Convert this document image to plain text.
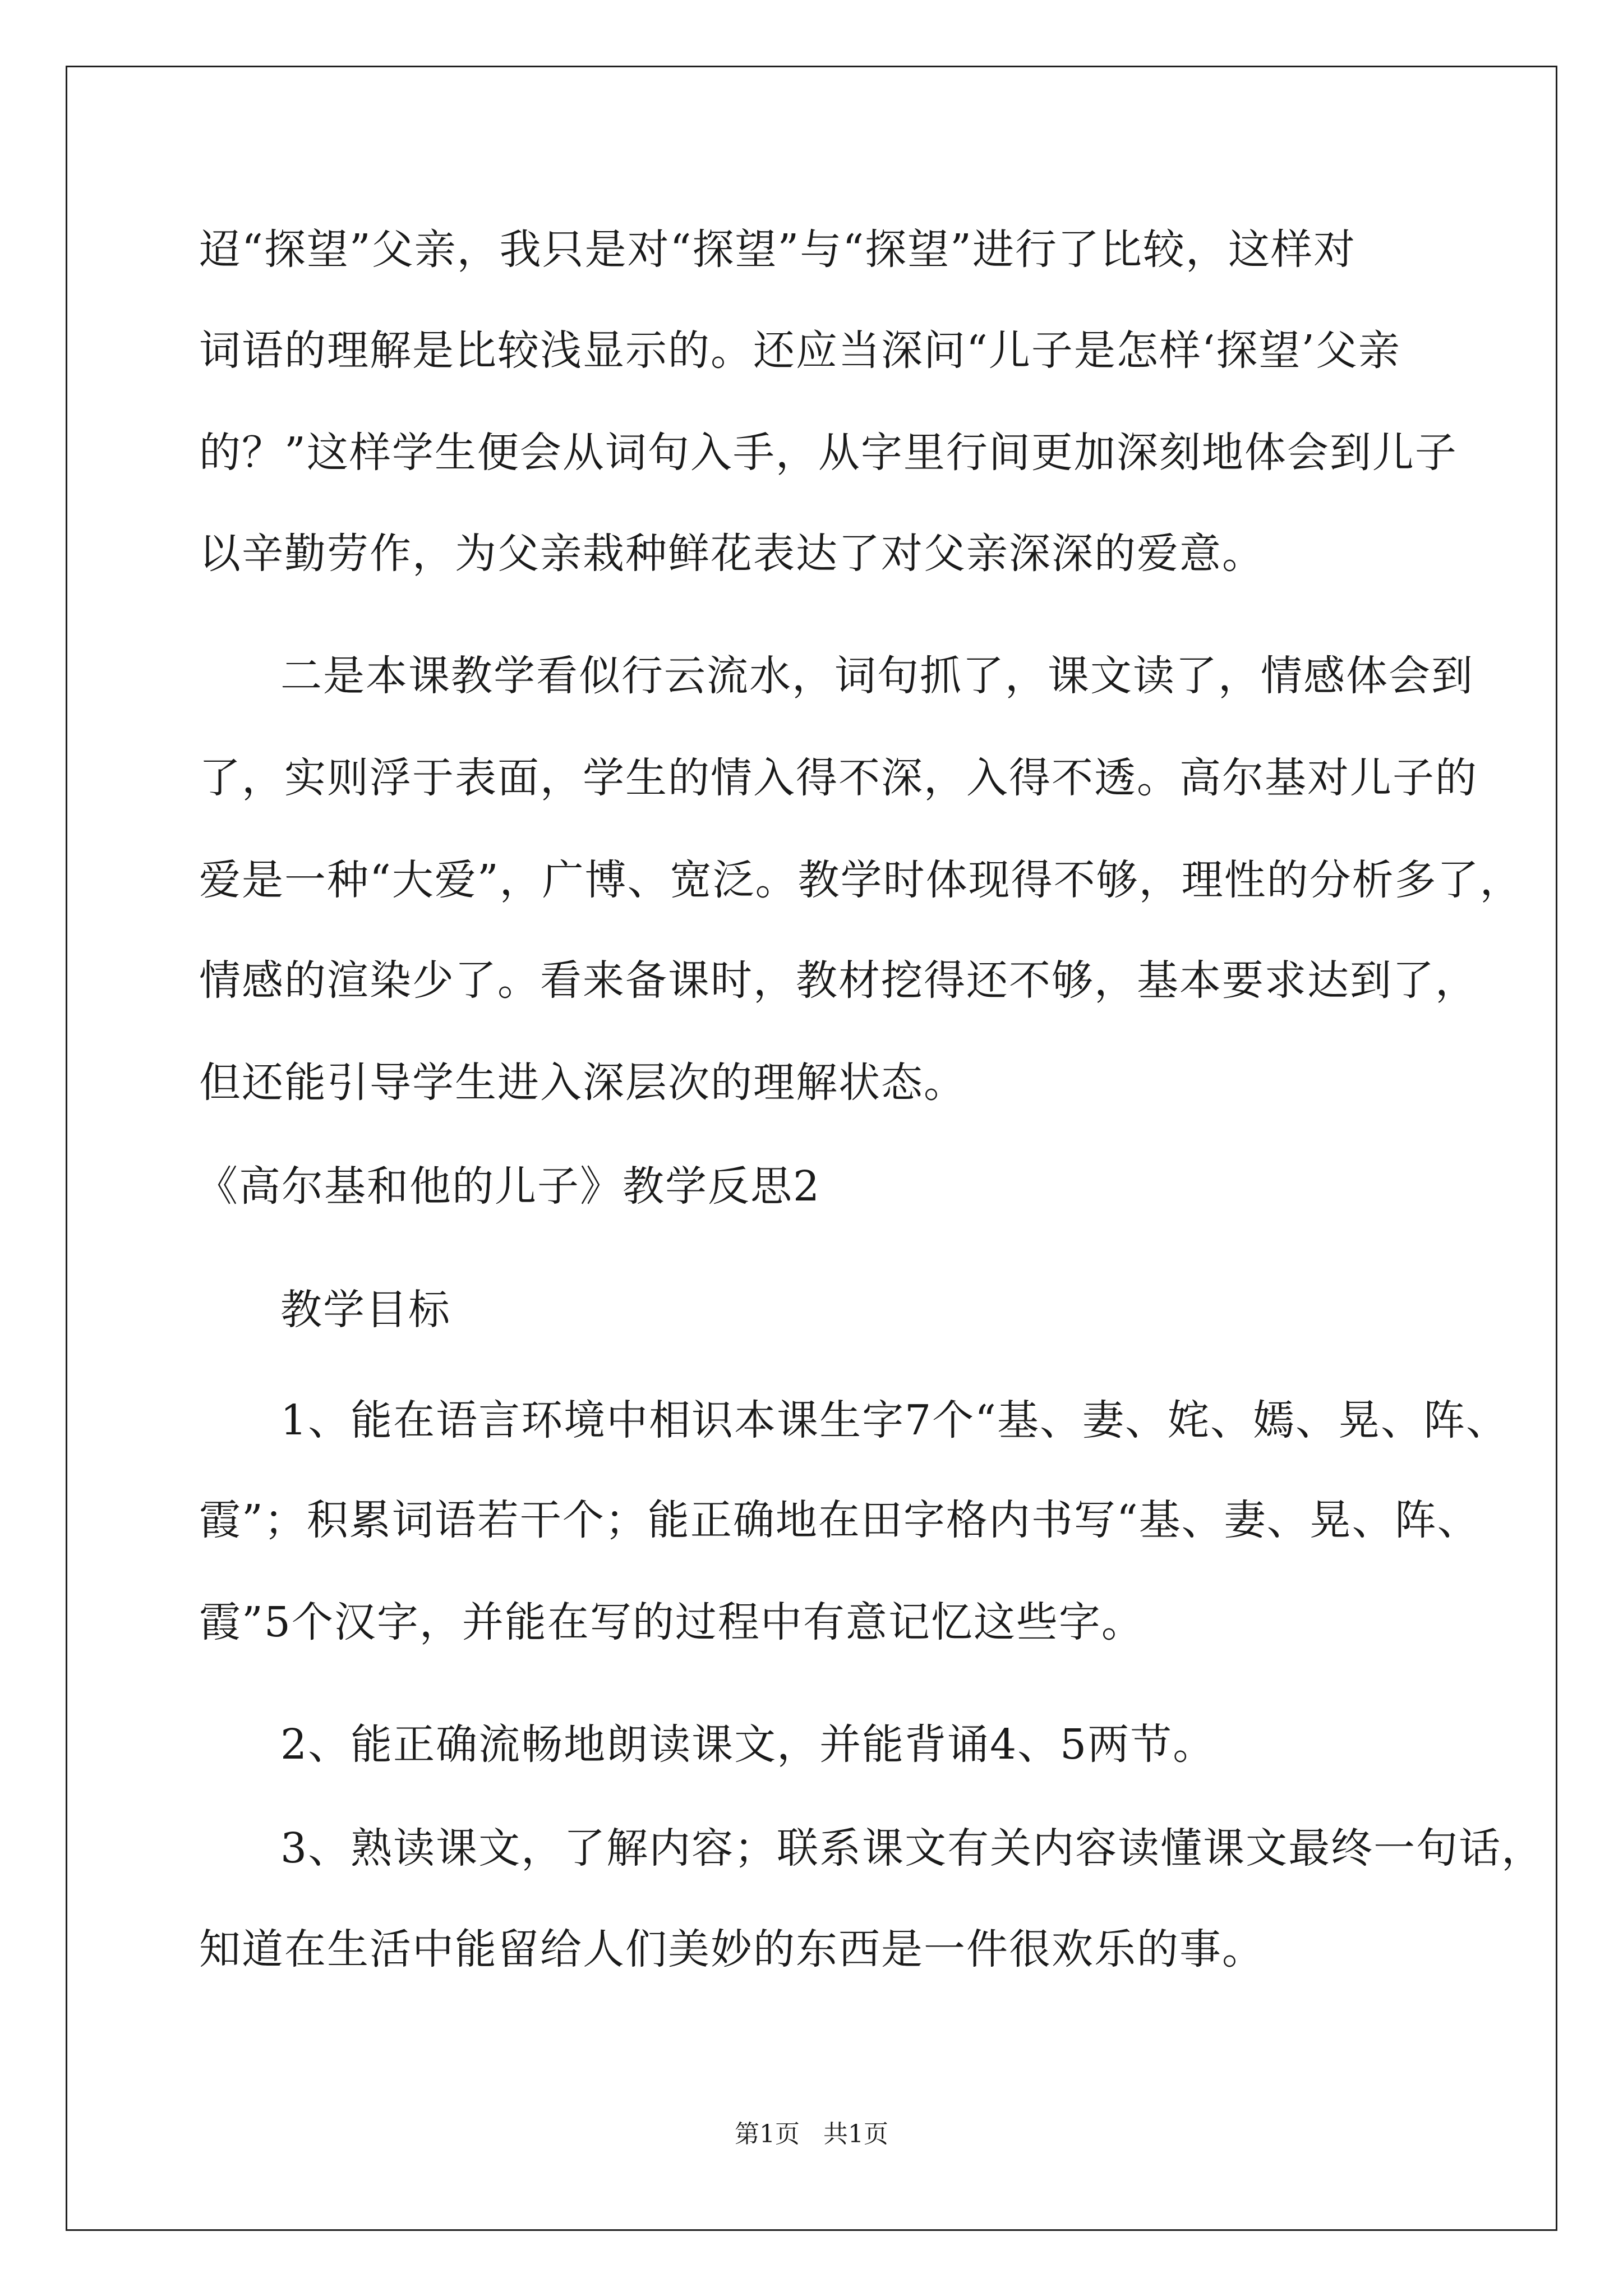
迢“探望”父亲，我只是对“探望”与“探望”进行了比较，这样对

词语的理解是比较浅显示的。还应当深问“儿子是怎样‘探望’父亲

的？”这样学生便会从词句入手，从字里行间更加深刻地体会到儿子

以辛勤劳作，为父亲栽种鲜花表达了对父亲深深的爱意。

二是本课教学看似行云流水，词句抓了，课文读了，情感体会到

了，实则浮于表面，学生的情入得不深，入得不透。高尔基对儿子的

爱是一种“大爱”，广博、宽泛。教学时体现得不够，理性的分析多了，

情感的渲染少了。看来备课时，教材挖得还不够，基本要求达到了，

但还能引导学生进入深层次的理解状态。

《高尔基和他的儿子》教学反思2

教学目标

1、能在语言环境中相识本课生字7个“基、妻、姹、嫣、晃、阵、

霞”；积累词语若干个；能正确地在田字格内书写“基、妻、晃、阵、

霞”5个汉字，并能在写的过程中有意记忆这些字。

2、能正确流畅地朗读课文，并能背诵4、5两节。

3、熟读课文，了解内容；联系课文有关内容读懂课文最终一句话，

知道在生活中能留给人们美妙的东西是一件很欢乐的事。

第1页   共1页
